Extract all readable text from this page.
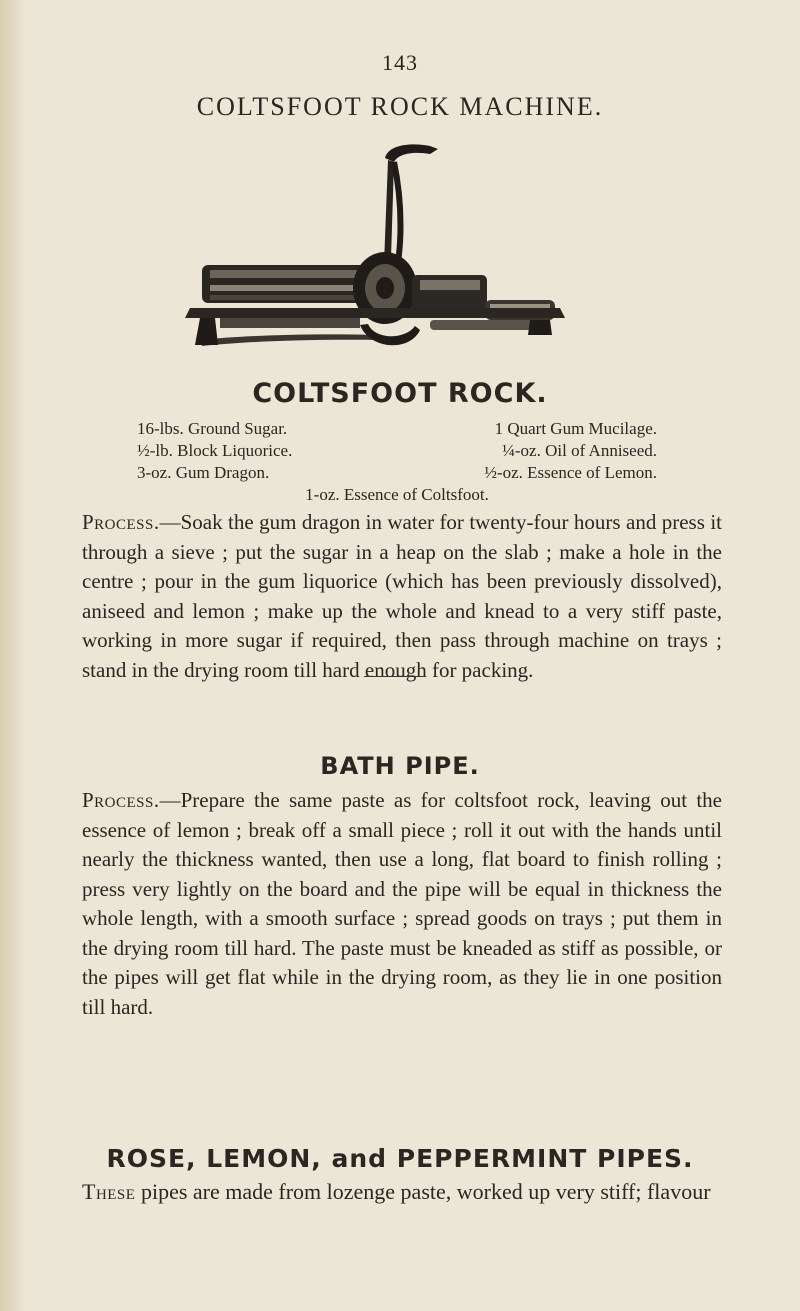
143
COLTSFOOT ROCK MACHINE.
COLTSFOOT ROCK.
16-lbs. Ground Sugar.	1 Quart Gum Mucilage.
½-lb. Block Liquorice.	¼-oz. Oil of Anniseed.
3-oz. Gum Dragon.	½-oz. Essence of Lemon.
1-oz. Essence of Coltsfoot.

Process.—Soak the gum dragon in water for twenty-four hours and press it through a sieve ; put the sugar in a heap on the slab ; make a hole in the centre ; pour in the gum liquorice (which has been previously dissolved), aniseed and lemon ; make up the whole and knead to a very stiff paste, working in more sugar if required, then pass through machine on trays ; stand in the drying room till hard enough for packing.

BATH PIPE.

Process.—Prepare the same paste as for coltsfoot rock, leaving out the essence of lemon ; break off a small piece ; roll it out with the hands until nearly the thickness wanted, then use a long, flat board to finish rolling ; press very lightly on the board and the pipe will be equal in thickness the whole length, with a smooth surface ; spread goods on trays ; put them in the drying room till hard. The paste must be kneaded as stiff as possible, or the pipes will get flat while in the drying room, as they lie in one position till hard.

ROSE, LEMON, and PEPPERMINT PIPES.

These pipes are made from lozenge paste, worked up very stiff; flavour
